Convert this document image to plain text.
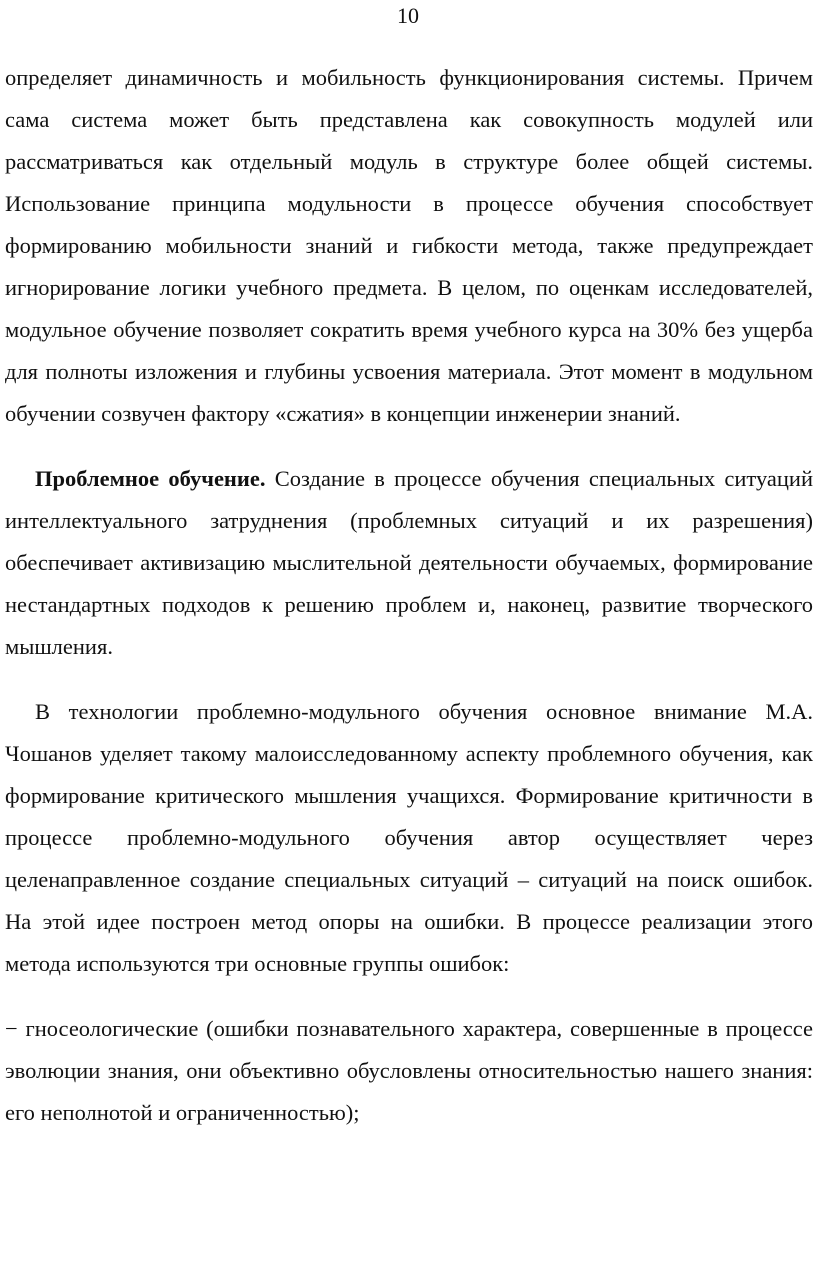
10

определяет динамичность и мобильность функционирования системы. Причем сама система может быть представлена как совокупность модулей или рассматриваться как отдельный модуль в структуре более общей системы. Использование принципа модульности в процессе обучения способствует формированию мобильности знаний и гибкости метода, также предупреждает игнорирование логики учебного предмета. В целом, по оценкам исследователей, модульное обучение позволяет сократить время учебного курса на 30% без ущерба для полноты изложения и глубины усвоения материала. Этот момент в модульном обучении созвучен фактору «сжатия» в концепции инженерии знаний.

Проблемное обучение. Создание в процессе обучения специальных ситуаций интеллектуального затруднения (проблемных ситуаций и их разрешения) обеспечивает активизацию мыслительной деятельности обучаемых, формирование нестандартных подходов к решению проблем и, наконец, развитие творческого мышления.

В технологии проблемно-модульного обучения основное внимание М.А. Чошанов уделяет такому малоисследованному аспекту проблемного обучения, как формирование критического мышления учащихся. Формирование критичности в процессе проблемно-модульного обучения автор осуществляет через целенаправленное создание специальных ситуаций – ситуаций на поиск ошибок. На этой идее построен метод опоры на ошибки. В процессе реализации этого метода используются три основные группы ошибок:

− гносеологические (ошибки познавательного характера, совершенные в процессе эволюции знания, они объективно обусловлены относительностью нашего знания: его неполнотой и ограниченностью);
